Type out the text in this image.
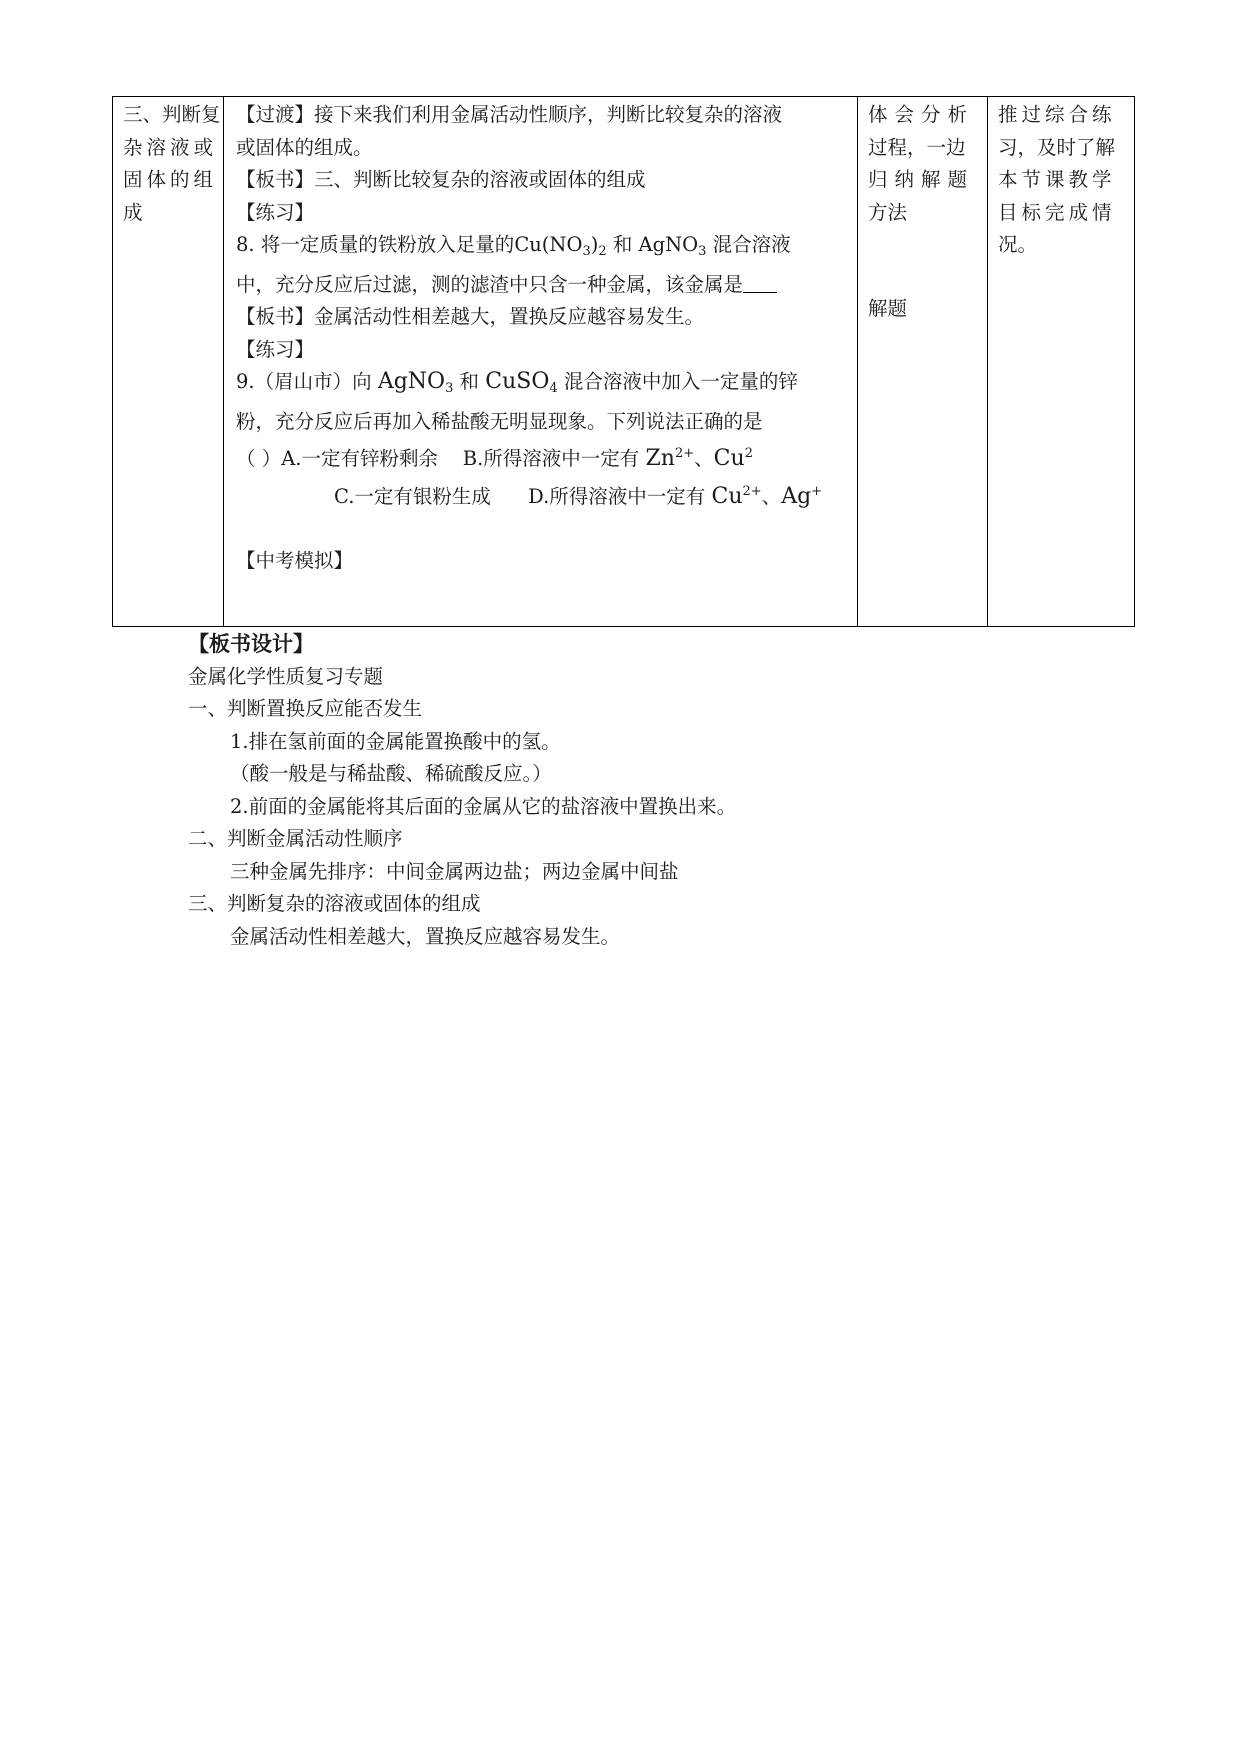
三、判断复
杂溶液或
固体的组
成
【过渡】接下来我们利用金属活动性顺序，判断比较复杂的溶液
或固体的组成。
【板书】三、判断比较复杂的溶液或固体的组成
【练习】
8. 将一定质量的铁粉放入足量的$Cu(NO_3)_2$ 和 AgNO$_3$ 混合溶液
中，充分反应后过滤，测的滤渣中只含一种金属，该金属是
【板书】金属活动性相差越大，置换反应越容易发生。
【练习】
9.（眉山市）向 AgNO$_3$ 和 CuSO$_4$ 混合溶液中加入一定量的锌
粉，充分反应后再加入稀盐酸无明显现象。下列说法正确的是
（ ）A.一定有锌粉剩余 B.所得溶液中一定有 $Zn^{2+}$、Cu$^2$
C.一定有银粉生成 D.所得溶液中一定有 $Cu^{2+}$、Ag+
【中考模拟】
体会分析
过程，一边
归纳解题
方法
解题
推过综合练
习，及时了解
本节课教学
目标完成情
况。
【板书设计】
金属化学性质复习专题
一、判断置换反应能否发生
1.排在氢前面的金属能置换酸中的氢。
（酸一般是与稀盐酸、稀硫酸反应。）
2.前面的金属能将其后面的金属从它的盐溶液中置换出来。
二、判断金属活动性顺序
三种金属先排序：中间金属两边盐；两边金属中间盐
三、判断复杂的溶液或固体的组成
金属活动性相差越大，置换反应越容易发生。
